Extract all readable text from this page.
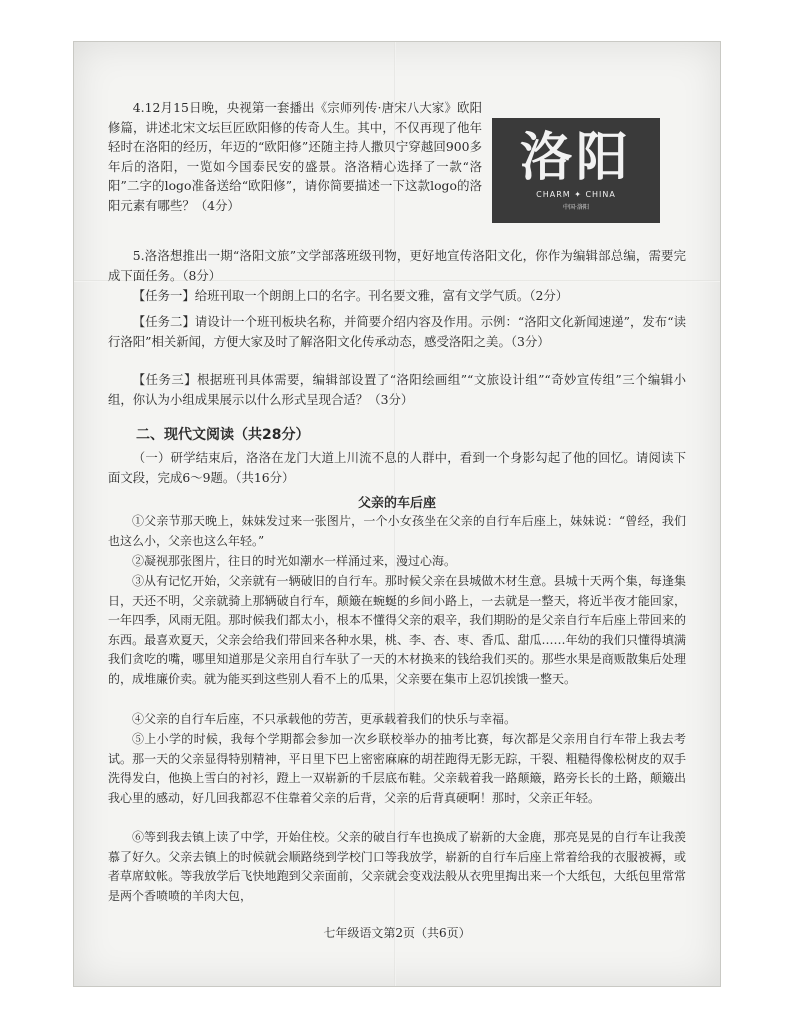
4.12月15日晚，央视第一套播出《宗师列传·唐宋八大家》欧阳修篇，讲述北宋文坛巨匠欧阳修的传奇人生。其中，不仅再现了他年轻时在洛阳的经历，年迈的“欧阳修”还随主持人撒贝宁穿越回900多年后的洛阳，一览如今国泰民安的盛景。洛洛精心选择了一款“洛阳”二字的logo准备送给“欧阳修”，请你简要描述一下这款logo的洛阳元素有哪些？（4分）

洛阳
CHARM ✦ CHINA
中国·洛阳

5.洛洛想推出一期“洛阳文旅”文学部落班级刊物，更好地宣传洛阳文化，你作为编辑部总编，需要完成下面任务。（8分）

【任务一】给班刊取一个朗朗上口的名字。刊名要文雅，富有文学气质。（2分）

【任务二】请设计一个班刊板块名称，并简要介绍内容及作用。示例：“洛阳文化新闻速递”，发布“读行洛阳”相关新闻，方便大家及时了解洛阳文化传承动态，感受洛阳之美。（3分）

【任务三】根据班刊具体需要，编辑部设置了“洛阳绘画组”“文旅设计组”“奇妙宣传组”三个编辑小组，你认为小组成果展示以什么形式呈现合适？（3分）

二、现代文阅读（共28分）

（一）研学结束后，洛洛在龙门大道上川流不息的人群中，看到一个身影勾起了他的回忆。请阅读下面文段，完成6～9题。（共16分）

父亲的车后座

①父亲节那天晚上，妹妹发过来一张图片，一个小女孩坐在父亲的自行车后座上，妹妹说：“曾经，我们也这么小，父亲也这么年轻。”

②凝视那张图片，往日的时光如潮水一样涌过来，漫过心海。

③从有记忆开始，父亲就有一辆破旧的自行车。那时候父亲在县城做木材生意。县城十天两个集，每逢集日，天还不明，父亲就骑上那辆破自行车，颠簸在蜿蜒的乡间小路上，一去就是一整天，将近半夜才能回家，一年四季，风雨无阻。那时候我们都太小，根本不懂得父亲的艰辛，我们期盼的是父亲自行车后座上带回来的东西。最喜欢夏天，父亲会给我们带回来各种水果，桃、李、杏、枣、香瓜、甜瓜……年幼的我们只懂得填满我们贪吃的嘴，哪里知道那是父亲用自行车驮了一天的木材换来的钱给我们买的。那些水果是商贩散集后处理的，成堆廉价卖。就为能买到这些别人看不上的瓜果，父亲要在集市上忍饥挨饿一整天。

④父亲的自行车后座，不只承载他的劳苦，更承载着我们的快乐与幸福。

⑤上小学的时候，我每个学期都会参加一次乡联校举办的抽考比赛，每次都是父亲用自行车带上我去考试。那一天的父亲显得特别精神，平日里下巴上密密麻麻的胡茬跑得无影无踪，干裂、粗糙得像松树皮的双手洗得发白，他换上雪白的衬衫，蹬上一双崭新的千层底布鞋。父亲载着我一路颠簸，路旁长长的土路，颠簸出我心里的感动，好几回我都忍不住靠着父亲的后背，父亲的后背真硬啊！那时，父亲正年轻。

⑥等到我去镇上读了中学，开始住校。父亲的破自行车也换成了崭新的大金鹿，那亮晃晃的自行车让我羡慕了好久。父亲去镇上的时候就会顺路绕到学校门口等我放学，崭新的自行车后座上常着给我的衣服被褥，或者草席蚊帐。等我放学后飞快地跑到父亲面前，父亲就会变戏法般从衣兜里掏出来一个大纸包，大纸包里常常是两个香喷喷的羊肉大包，

七年级语文第2页（共6页）
